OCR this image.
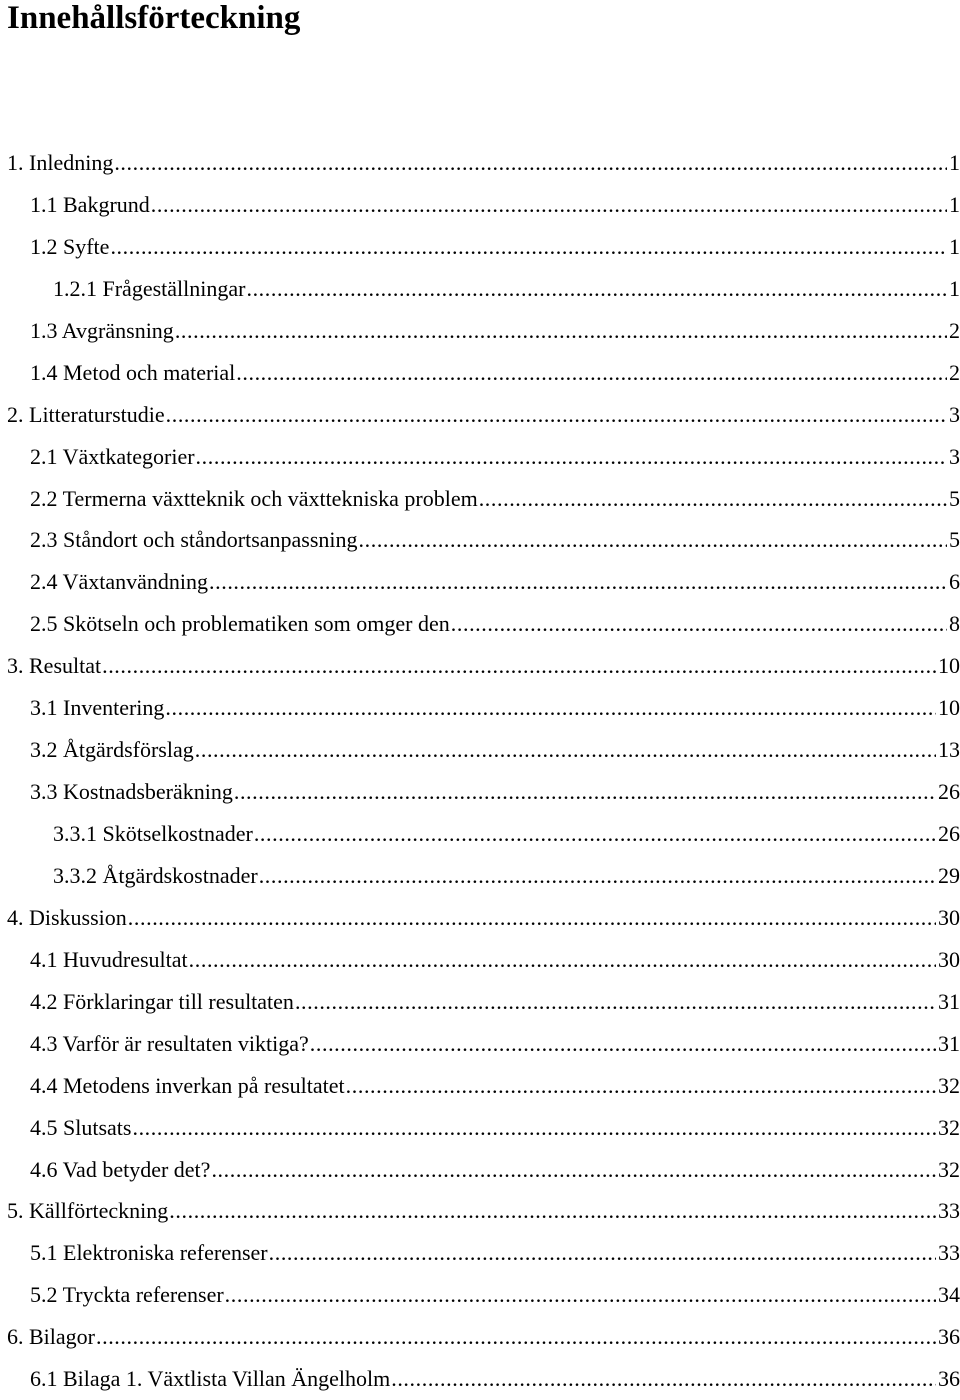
Innehållsförteckning
1. Inledning .....	1
1.1 Bakgrund .....	1
1.2 Syfte .....	1
1.2.1 Frågeställningar .....	1
1.3 Avgränsning .....	2
1.4 Metod och material .....	2
2. Litteraturstudie .....	3
2.1 Växtkategorier .....	3
2.2 Termerna växtteknik och växttekniska problem .....	5
2.3 Ståndort och ståndortsanpassning .....	5
2.4 Växtanvändning .....	6
2.5 Skötseln och problematiken som omger den .....	8
3. Resultat .....	10
3.1 Inventering .....	10
3.2 Åtgärdsförslag .....	13
3.3 Kostnadsberäkning .....	26
3.3.1 Skötselkostnader .....	26
3.3.2 Åtgärdskostnader .....	29
4. Diskussion .....	30
4.1 Huvudresultat .....	30
4.2 Förklaringar till resultaten .....	31
4.3 Varför är resultaten viktiga? .....	31
4.4 Metodens inverkan på resultatet .....	32
4.5 Slutsats .....	32
4.6 Vad betyder det? .....	32
5. Källförteckning .....	33
5.1 Elektroniska referenser .....	33
5.2 Tryckta referenser .....	34
6. Bilagor .....	36
6.1 Bilaga 1. Växtlista Villan Ängelholm .....	36
